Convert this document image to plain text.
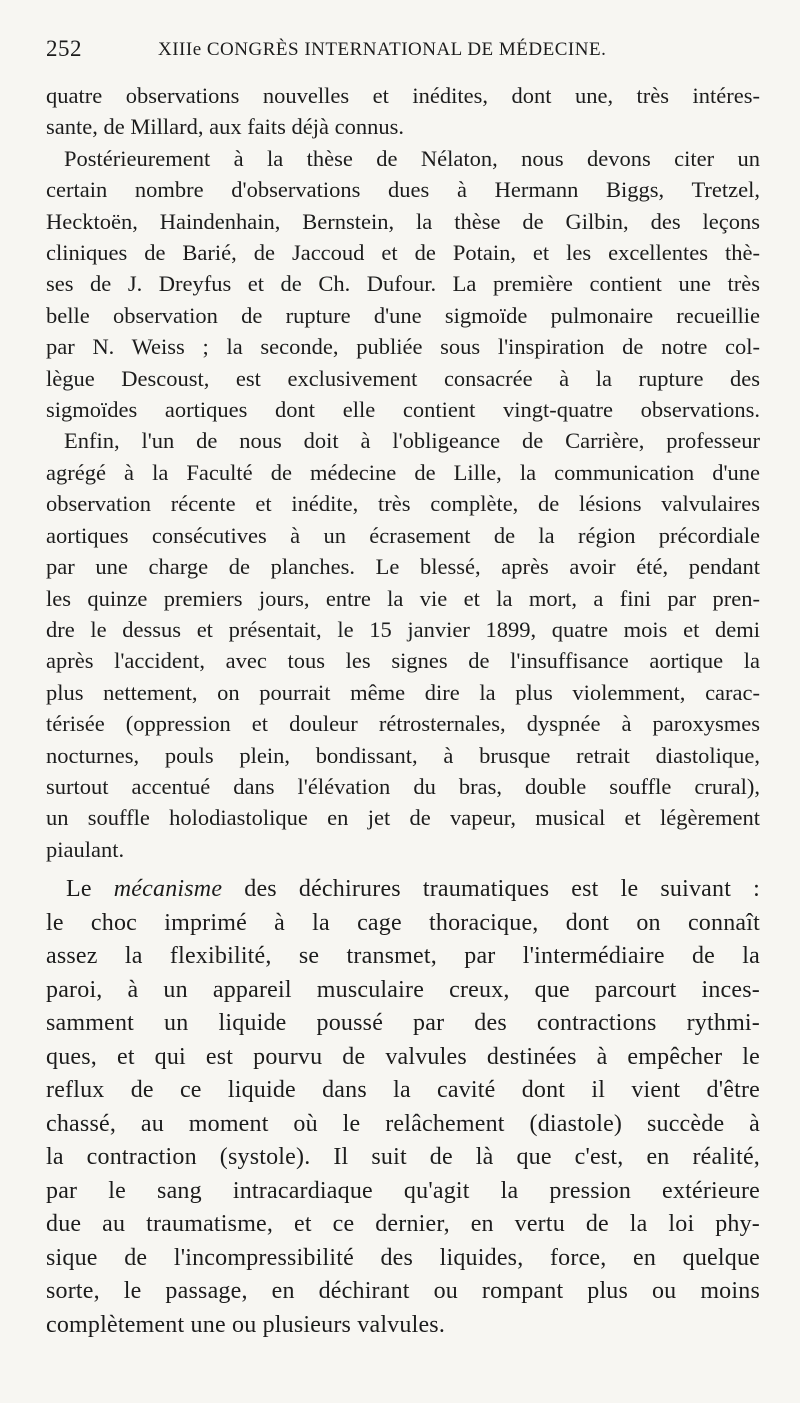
252	XIIIe CONGRÈS INTERNATIONAL DE MÉDECINE.

quatre observations nouvelles et inédites, dont une, très intéres-
sante, de Millard, aux faits déjà connus.

Postérieurement à la thèse de Nélaton, nous devons citer un
certain nombre d'observations dues à Hermann Biggs, Tretzel,
Hecktoën, Haindenhain, Bernstein, la thèse de Gilbin, des leçons
cliniques de Barié, de Jaccoud et de Potain, et les excellentes thè-
ses de J. Dreyfus et de Ch. Dufour. La première contient une très
belle observation de rupture d'une sigmoïde pulmonaire recueillie
par N. Weiss ; la seconde, publiée sous l'inspiration de notre col-
lègue Descoust, est exclusivement consacrée à la rupture des
sigmoïdes aortiques dont elle contient vingt-quatre observations.

Enfin, l'un de nous doit à l'obligeance de Carrière, professeur
agrégé à la Faculté de médecine de Lille, la communication d'une
observation récente et inédite, très complète, de lésions valvulaires
aortiques consécutives à un écrasement de la région précordiale
par une charge de planches. Le blessé, après avoir été, pendant
les quinze premiers jours, entre la vie et la mort, a fini par pren-
dre le dessus et présentait, le 15 janvier 1899, quatre mois et demi
après l'accident, avec tous les signes de l'insuffisance aortique la
plus nettement, on pourrait même dire la plus violemment, carac-
térisée (oppression et douleur rétrosternales, dyspnée à paroxysmes
nocturnes, pouls plein, bondissant, à brusque retrait diastolique,
surtout accentué dans l'élévation du bras, double souffle crural),
un souffle holodiastolique en jet de vapeur, musical et légèrement
piaulant.

Le mécanisme des déchirures traumatiques est le suivant :
le choc imprimé à la cage thoracique, dont on connaît
assez la flexibilité, se transmet, par l'intermédiaire de la
paroi, à un appareil musculaire creux, que parcourt inces-
samment un liquide poussé par des contractions rythmi-
ques, et qui est pourvu de valvules destinées à empêcher le
reflux de ce liquide dans la cavité dont il vient d'être
chassé, au moment où le relâchement (diastole) succède à
la contraction (systole). Il suit de là que c'est, en réalité,
par le sang intracardiaque qu'agit la pression extérieure
due au traumatisme, et ce dernier, en vertu de la loi phy-
sique de l'incompressibilité des liquides, force, en quelque
sorte, le passage, en déchirant ou rompant plus ou moins
complètement une ou plusieurs valvules.
